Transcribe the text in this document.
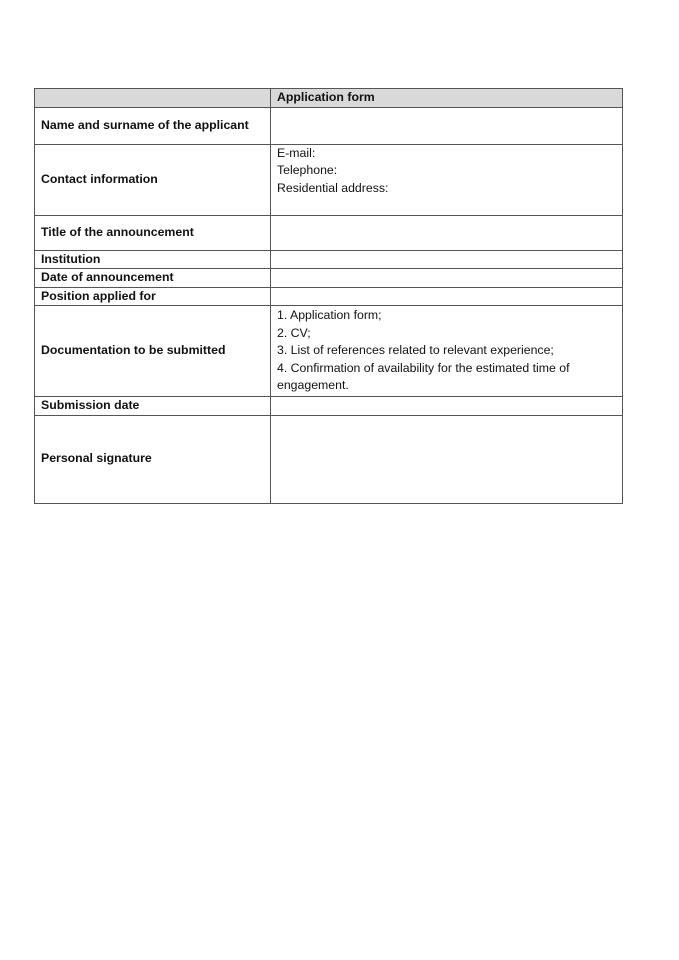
	Application form
Name and surname of the applicant	
Contact information	E-mail:
Telephone:
Residential address:

Title of the announcement	
Institution	
Date of announcement	
Position applied for	
Documentation to be submitted	1. Application form;
2. CV;
3. List of references related to relevant experience;
4. Confirmation of availability for the estimated time of engagement.

Submission date	
Personal signature	
